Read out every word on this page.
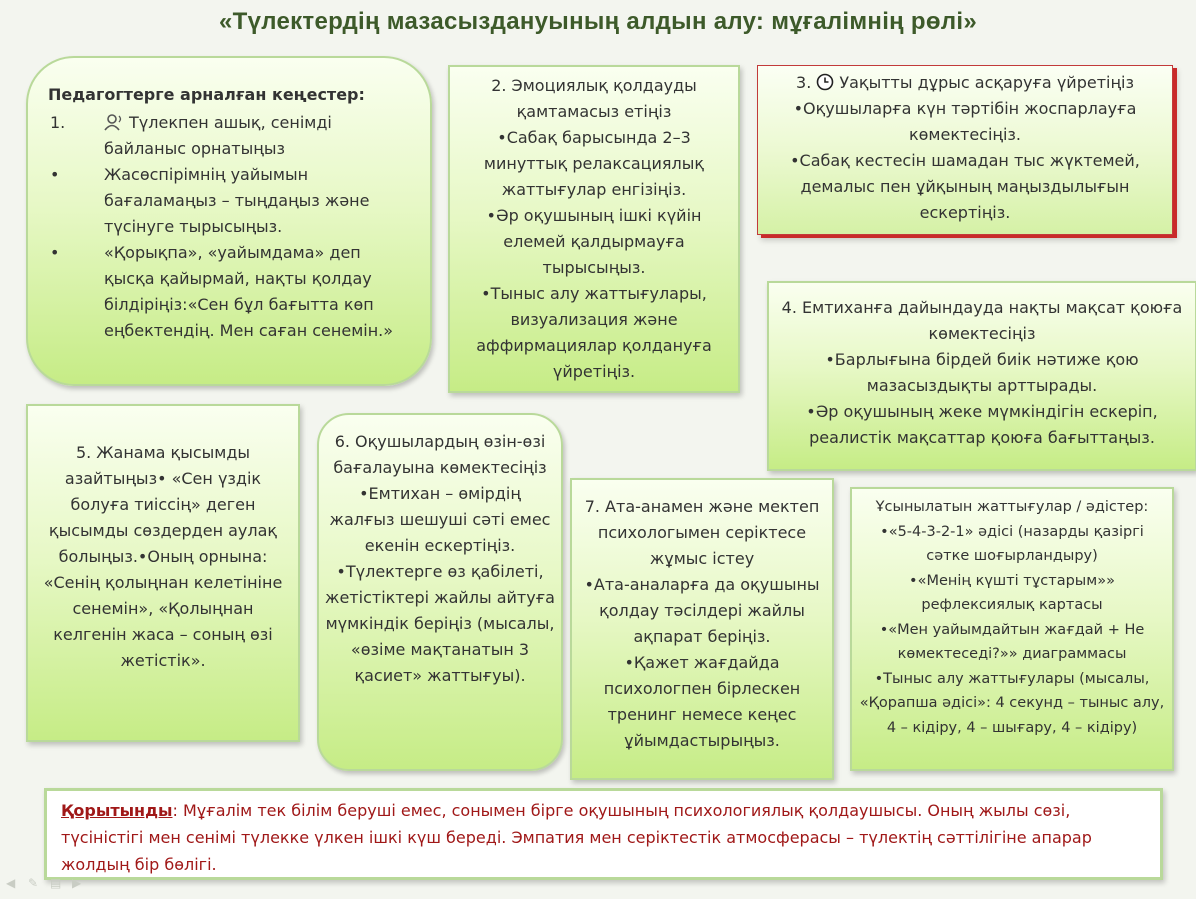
«Түлектердің мазасыздануының алдын алу: мұғалімнің рөлі»

Педагогтерге арналған кеңестер:

1.	Түлекпен ашық, сенімді байланыс орнатыңыз
•	Жасөспірімнің уайымын бағаламаңыз – тыңдаңыз және түсінуге тырысыңыз.
•	«Қорықпа», «уайымдама» деп қысқа қайырмай, нақты қолдау білдіріңіз:«Сен бұл бағытта көп еңбектендің. Мен саған сенемін.»

2. Эмоциялық қолдауды қамтамасыз етіңіз

•Сабақ барысында 2–3 минуттық релаксациялық жаттығулар енгізіңіз.

•Әр оқушының ішкі күйін елемей қалдырмауға тырысыңыз.

•Тыныс алу жаттығулары, визуализация және аффирмациялар қолдануға үйретіңіз.

3. Уақытты дұрыс асқаруға үйретіңіз

•Оқушыларға күн тәртібін жоспарлауға көмектесіңіз.

•Сабақ кестесін шамадан тыс жүктемей, демалыс пен ұйқының маңыздылығын ескертіңіз.

4. Емтиханға дайындауда нақты мақсат қоюға көмектесіңіз

•Барлығына бірдей биік нәтиже қою мазасыздықты арттырады.

•Әр оқушының жеке мүмкіндігін ескеріп, реалистік мақсаттар қоюға бағыттаңыз.

5. Жанама қысымды азайтыңыз• «Сен үздік болуға тиіссің» деген қысымды сөздерден аулақ болыңыз.•Оның орнына: «Сенің қолыңнан келетініне сенемін», «Қолыңнан келгенін жаса – соның өзі жетістік».

6. Оқушылардың өзін-өзі бағалауына көмектесіңіз

•Емтихан – өмірдің жалғыз шешуші сәті емес екенін ескертіңіз.

•Түлектерге өз қабілеті, жетістіктері жайлы айтуға мүмкіндік беріңіз (мысалы, «өзіме мақтанатын 3 қасиет» жаттығуы).

7. Ата-анамен және мектеп психологымен серіктесе жұмыс істеу

•Ата-аналарға да оқушыны қолдау тәсілдері жайлы ақпарат беріңіз.

•Қажет жағдайда психологпен бірлескен тренинг немесе кеңес ұйымдастырыңыз.

Ұсынылатын жаттығулар / әдістер:

•«5-4-3-2-1» әдісі (назарды қазіргі сәтке шоғырландыру)

•«Менің күшті тұстарым»» рефлексиялық картасы

•«Мен уайымдайтын жағдай + Не көмектеседі?»» диаграммасы

•Тыныс алу жаттығулары (мысалы, «Қорапша әдісі»: 4 секунд – тыныс алу, 4 – кідіру, 4 – шығару, 4 – кідіру)

Қорытынды: Мұғалім тек білім беруші емес, сонымен бірге оқушының психологиялық қолдаушысы. Оның жылы сөзі, түсіністігі мен сенімі түлекке үлкен ішкі күш береді. Эмпатия мен серіктестік атмосферасы – түлектің сәттілігіне апарар жолдың бір бөлігі.
◀	✎ ▤ ▶
